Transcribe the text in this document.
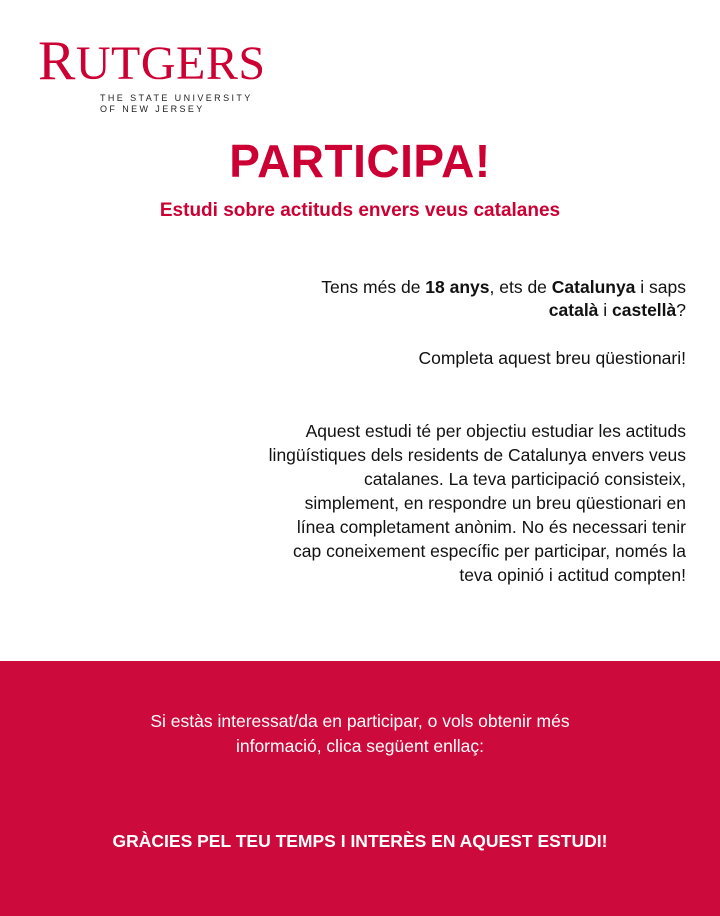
RUTGERS
THE STATE UNIVERSITY
OF NEW JERSEY
PARTICIPA!
Estudi sobre actituds envers veus catalanes
Tens més de 18 anys, ets de Catalunya i saps
català i castellà?
Completa aquest breu qüestionari!
Aquest estudi té per objectiu estudiar les actituds
lingüístiques dels residents de Catalunya envers veus
catalanes. La teva participació consisteix,
simplement, en respondre un breu qüestionari en
línea completament anònim. No és necessari tenir
cap coneixement específic per participar, només la
teva opinió i actitud compten!
Si estàs interessat/da en participar, o vols obtenir més
informació, clica següent enllaç:
GRÀCIES PEL TEU TEMPS I INTERÈS EN AQUEST ESTUDI!
